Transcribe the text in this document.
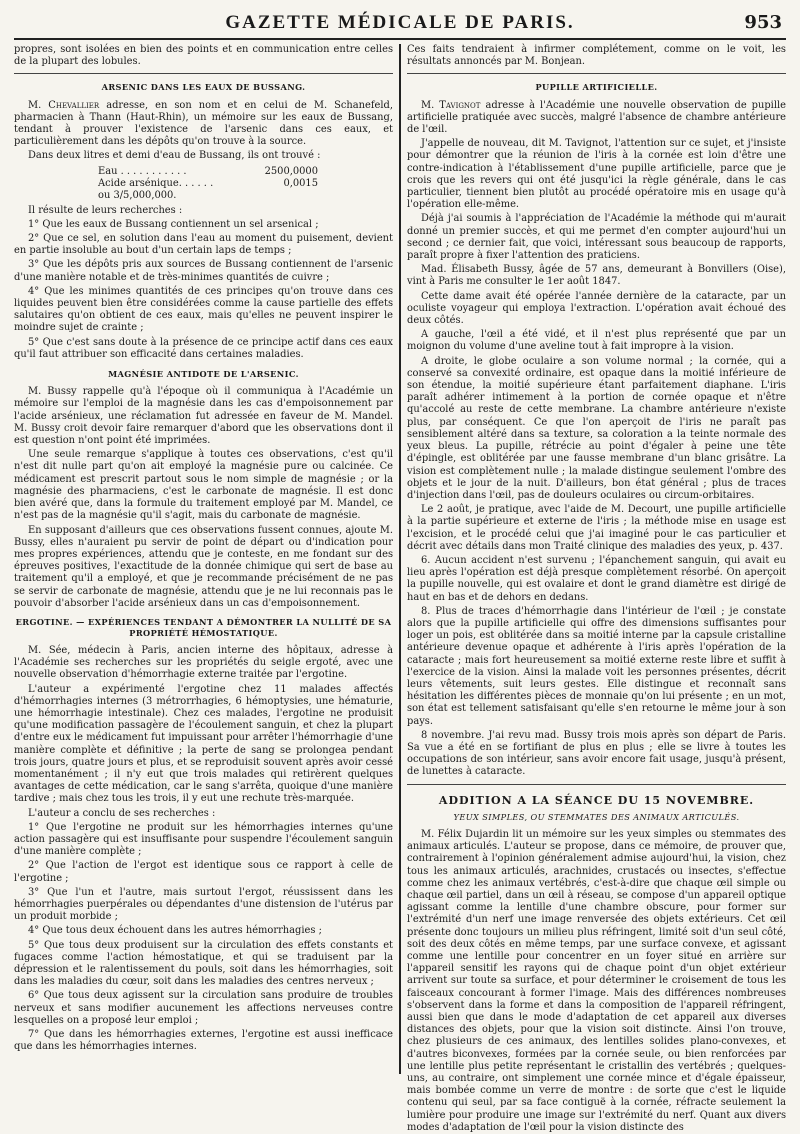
GAZETTE MÉDICALE DE PARIS.	953

propres, sont isolées en bien des points et en communication entre celles de la plupart des lobules.

ARSENIC DANS LES EAUX DE BUSSANG.

M. Chevallier adresse, en son nom et en celui de M. Schanefeld, pharmacien à Thann (Haut-Rhin), un mémoire sur les eaux de Bussang, tendant à prouver l'existence de l'arsenic dans ces eaux, et particulièrement dans les dépôts qu'on trouve à la source.

Dans deux litres et demi d'eau de Bussang, ils ont trouvé :

Eau . . . . . . . . . . .	2500,0000
Acide arsénique. . . . . .	0,0015
ou 3/5,000,000.

Il résulte de leurs recherches :

1° Que les eaux de Bussang contiennent un sel arsenical ;

2° Que ce sel, en solution dans l'eau au moment du puisement, devient en partie insoluble au bout d'un certain laps de temps ;

3° Que les dépôts pris aux sources de Bussang contiennent de l'arsenic d'une manière notable et de très-minimes quantités de cuivre ;

4° Que les minimes quantités de ces principes qu'on trouve dans ces liquides peuvent bien être considérées comme la cause partielle des effets salutaires qu'on obtient de ces eaux, mais qu'elles ne peuvent inspirer le moindre sujet de crainte ;

5° Que c'est sans doute à la présence de ce principe actif dans ces eaux qu'il faut attribuer son efficacité dans certaines maladies.

MAGNÉSIE ANTIDOTE DE L'ARSENIC.

M. Bussy rappelle qu'à l'époque où il communiqua à l'Académie un mémoire sur l'emploi de la magnésie dans les cas d'empoisonnement par l'acide arsénieux, une réclamation fut adressée en faveur de M. Mandel. M. Bussy croit devoir faire remarquer d'abord que les observations dont il est question n'ont point été imprimées.

Une seule remarque s'applique à toutes ces observations, c'est qu'il n'est dit nulle part qu'on ait employé la magnésie pure ou calcinée. Ce médicament est prescrit partout sous le nom simple de magnésie ; or la magnésie des pharmaciens, c'est le carbonate de magnésie. Il est donc bien avéré que, dans la formule du traitement employé par M. Mandel, ce n'est pas de la magnésie qu'il s'agit, mais du carbonate de magnésie.

En supposant d'ailleurs que ces observations fussent connues, ajoute M. Bussy, elles n'auraient pu servir de point de départ ou d'indication pour mes propres expériences, attendu que je conteste, en me fondant sur des épreuves positives, l'exactitude de la donnée chimique qui sert de base au traitement qu'il a employé, et que je recommande précisément de ne pas se servir de carbonate de magnésie, attendu que je ne lui reconnais pas le pouvoir d'absorber l'acide arsénieux dans un cas d'empoisonnement.

ERGOTINE. — EXPÉRIENCES TENDANT A DÉMONTRER LA NULLITÉ DE SA PROPRIÉTÉ HÉMOSTATIQUE.

M. Sée, médecin à Paris, ancien interne des hôpitaux, adresse à l'Académie ses recherches sur les propriétés du seigle ergoté, avec une nouvelle observation d'hémorrhagie externe traitée par l'ergotine.

L'auteur a expérimenté l'ergotine chez 11 malades affectés d'hémorrhagies internes (3 métrorrhagies, 6 hémoptysies, une hématurie, une hémorrhagie intestinale). Chez ces malades, l'ergotine ne produisit qu'une modification passagère de l'écoulement sanguin, et chez la plupart d'entre eux le médicament fut impuissant pour arrêter l'hémorrhagie d'une manière complète et définitive ; la perte de sang se prolongea pendant trois jours, quatre jours et plus, et se reproduisit souvent après avoir cessé momentanément ; il n'y eut que trois malades qui retirèrent quelques avantages de cette médication, car le sang s'arrêta, quoique d'une manière tardive ; mais chez tous les trois, il y eut une rechute très-marquée.

L'auteur a conclu de ses recherches :

1° Que l'ergotine ne produit sur les hémorrhagies internes qu'une action passagère qui est insuffisante pour suspendre l'écoulement sanguin d'une manière complète ;

2° Que l'action de l'ergot est identique sous ce rapport à celle de l'ergotine ;

3° Que l'un et l'autre, mais surtout l'ergot, réussissent dans les hémorrhagies puerpérales ou dépendantes d'une distension de l'utérus par un produit morbide ;

4° Que tous deux échouent dans les autres hémorrhagies ;

5° Que tous deux produisent sur la circulation des effets constants et fugaces comme l'action hémostatique, et qui se traduisent par la dépression et le ralentissement du pouls, soit dans les hémorrhagies, soit dans les maladies du cœur, soit dans les maladies des centres nerveux ;

6° Que tous deux agissent sur la circulation sans produire de troubles nerveux et sans modifier aucunement les affections nerveuses contre lesquelles on a proposé leur emploi ;

7° Que dans les hémorrhagies externes, l'ergotine est aussi inefficace que dans les hémorrhagies internes.

Ces faits tendraient à infirmer complétement, comme on le voit, les résultats annoncés par M. Bonjean.

PUPILLE ARTIFICIELLE.

M. Tavignot adresse à l'Académie une nouvelle observation de pupille artificielle pratiquée avec succès, malgré l'absence de chambre antérieure de l'œil.

J'appelle de nouveau, dit M. Tavignot, l'attention sur ce sujet, et j'insiste pour démontrer que la réunion de l'iris à la cornée est loin d'être une contre-indication à l'établissement d'une pupille artificielle, parce que je crois que les revers qui ont été jusqu'ici la règle générale, dans le cas particulier, tiennent bien plutôt au procédé opératoire mis en usage qu'à l'opération elle-même.

Déjà j'ai soumis à l'appréciation de l'Académie la méthode qui m'aurait donné un premier succès, et qui me permet d'en compter aujourd'hui un second ; ce dernier fait, que voici, intéressant sous beaucoup de rapports, paraît propre à fixer l'attention des praticiens.

Mad. Élisabeth Bussy, âgée de 57 ans, demeurant à Bonvillers (Oise), vint à Paris me consulter le 1er août 1847.

Cette dame avait été opérée l'année dernière de la cataracte, par un oculiste voyageur qui employa l'extraction. L'opération avait échoué des deux côtés.

A gauche, l'œil a été vidé, et il n'est plus représenté que par un moignon du volume d'une aveline tout à fait impropre à la vision.

A droite, le globe oculaire a son volume normal ; la cornée, qui a conservé sa convexité ordinaire, est opaque dans la moitié inférieure de son étendue, la moitié supérieure étant parfaitement diaphane. L'iris paraît adhérer intimement à la portion de cornée opaque et n'être qu'accolé au reste de cette membrane. La chambre antérieure n'existe plus, par conséquent. Ce que l'on aperçoit de l'iris ne paraît pas sensiblement altéré dans sa texture, sa coloration a la teinte normale des yeux bleus. La pupille, rétrécie au point d'égaler à peine une tête d'épingle, est oblitérée par une fausse membrane d'un blanc grisâtre. La vision est complètement nulle ; la malade distingue seulement l'ombre des objets et le jour de la nuit. D'ailleurs, bon état général ; plus de traces d'injection dans l'œil, pas de douleurs oculaires ou circum-orbitaires.

Le 2 août, je pratique, avec l'aide de M. Decourt, une pupille artificielle à la partie supérieure et externe de l'iris ; la méthode mise en usage est l'excision, et le procédé celui que j'ai imaginé pour le cas particulier et décrit avec détails dans mon Traité clinique des maladies des yeux, p. 437.

6. Aucun accident n'est survenu ; l'épanchement sanguin, qui avait eu lieu après l'opération est déjà presque complètement résorbé. On aperçoit la pupille nouvelle, qui est ovalaire et dont le grand diamètre est dirigé de haut en bas et de dehors en dedans.

8. Plus de traces d'hémorrhagie dans l'intérieur de l'œil ; je constate alors que la pupille artificielle qui offre des dimensions suffisantes pour loger un pois, est oblitérée dans sa moitié interne par la capsule cristalline antérieure devenue opaque et adhérente à l'iris après l'opération de la cataracte ; mais fort heureusement sa moitié externe reste libre et suffit à l'exercice de la vision. Ainsi la malade voit les personnes présentes, décrit leurs vêtements, suit leurs gestes. Elle distingue et reconnaît sans hésitation les différentes pièces de monnaie qu'on lui présente ; en un mot, son état est tellement satisfaisant qu'elle s'en retourne le même jour à son pays.

8 novembre. J'ai revu mad. Bussy trois mois après son départ de Paris. Sa vue a été en se fortifiant de plus en plus ; elle se livre à toutes les occupations de son intérieur, sans avoir encore fait usage, jusqu'à présent, de lunettes à cataracte.

ADDITION A LA SÉANCE DU 15 NOVEMBRE.
YEUX SIMPLES, OU STEMMATES DES ANIMAUX ARTICULÉS.

M. Félix Dujardin lit un mémoire sur les yeux simples ou stemmates des animaux articulés. L'auteur se propose, dans ce mémoire, de prouver que, contrairement à l'opinion généralement admise aujourd'hui, la vision, chez tous les animaux articulés, arachnides, crustacés ou insectes, s'effectue comme chez les animaux vertébrés, c'est-à-dire que chaque œil simple ou chaque œil partiel, dans un œil à réseau, se compose d'un appareil optique agissant comme la lentille d'une chambre obscure, pour former sur l'extrémité d'un nerf une image renversée des objets extérieurs. Cet œil présente donc toujours un milieu plus réfringent, limité soit d'un seul côté, soit des deux côtés en même temps, par une surface convexe, et agissant comme une lentille pour concentrer en un foyer situé en arrière sur l'appareil sensitif les rayons qui de chaque point d'un objet extérieur arrivent sur toute sa surface, et pour déterminer le croisement de tous les faisceaux concourant à former l'image. Mais des différences nombreuses s'observent dans la forme et dans la composition de l'appareil réfringent, aussi bien que dans le mode d'adaptation de cet appareil aux diverses distances des objets, pour que la vision soit distincte. Ainsi l'on trouve, chez plusieurs de ces animaux, des lentilles solides plano-convexes, et d'autres biconvexes, formées par la cornée seule, ou bien renforcées par une lentille plus petite représentant le cristallin des vertébrés ; quelques-uns, au contraire, ont simplement une cornée mince et d'égale épaisseur, mais bombée comme un verre de montre : de sorte que c'est le liquide contenu qui seul, par sa face contiguë à la cornée, réfracte seulement la lumière pour produire une image sur l'extrémité du nerf. Quant aux divers modes d'adaptation de l'œil pour la vision distincte des
